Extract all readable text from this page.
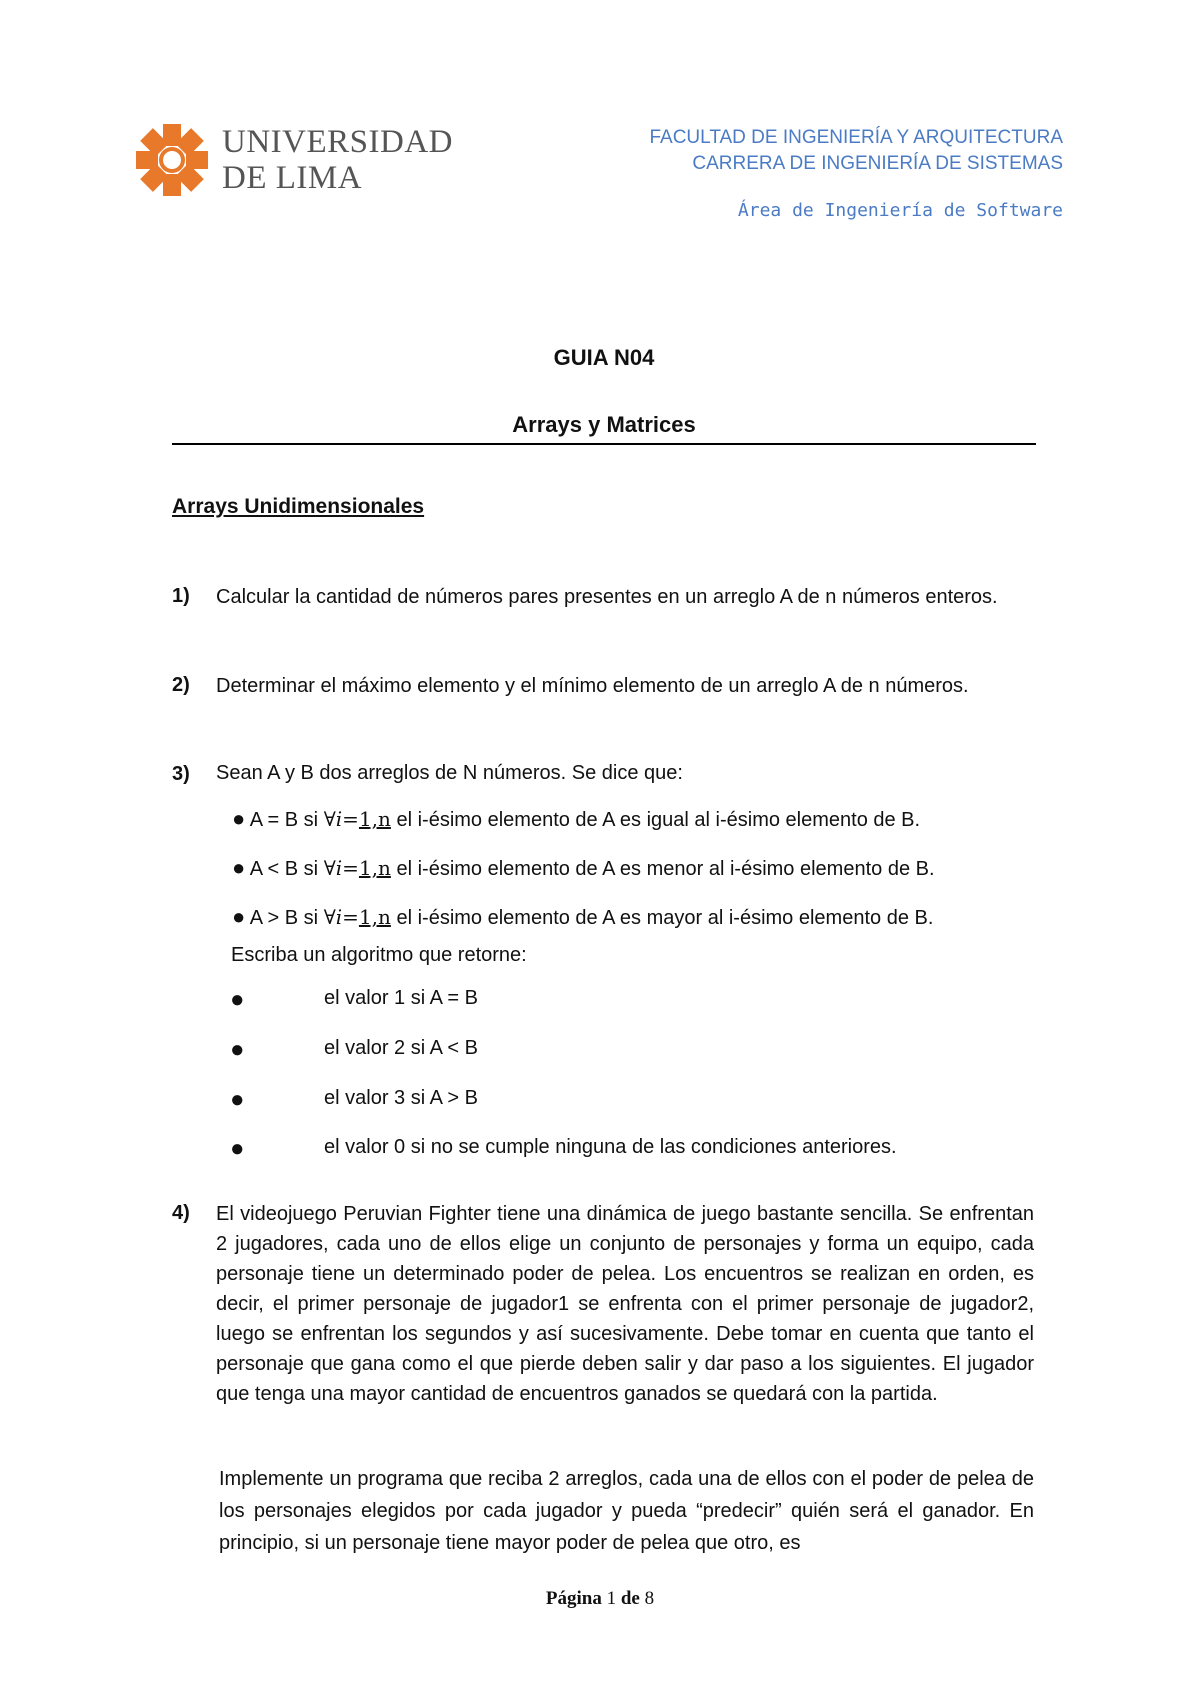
UNIVERSIDAD
DE LIMA
FACULTAD DE INGENIERÍA Y ARQUITECTURA
CARRERA DE INGENIERÍA DE SISTEMAS
Área de Ingeniería de Software
GUIA N04
Arrays y Matrices
Arrays Unidimensionales
1) Calcular la cantidad de números pares presentes en un arreglo A de n números enteros.
2) Determinar el máximo elemento y el mínimo elemento de un arreglo A de n números.
3) Sean A y B dos arreglos de N números. Se dice que:
● A = B si ∀i=1,n el i-ésimo elemento de A es igual al i-ésimo elemento de B.
● A < B si ∀i=1,n el i-ésimo elemento de A es menor al i-ésimo elemento de B.
● A > B si ∀i=1,n el i-ésimo elemento de A es mayor al i-ésimo elemento de B.
Escriba un algoritmo que retorne:
●	el valor 1 si A = B
●	el valor 2 si A < B
●	el valor 3 si A > B
●	el valor 0 si no se cumple ninguna de las condiciones anteriores.
4) El videojuego Peruvian Fighter tiene una dinámica de juego bastante sencilla. Se enfrentan 2 jugadores, cada uno de ellos elige un conjunto de personajes y forma un equipo, cada personaje tiene un determinado poder de pelea. Los encuentros se realizan en orden, es decir, el primer personaje de jugador1 se enfrenta con el primer personaje de jugador2, luego se enfrentan los segundos y así sucesivamente. Debe tomar en cuenta que tanto el personaje que gana como el que pierde deben salir y dar paso a los siguientes. El jugador que tenga una mayor cantidad de encuentros ganados se quedará con la partida.
Implemente un programa que reciba 2 arreglos, cada una de ellos con el poder de pelea de los personajes elegidos por cada jugador y pueda “predecir” quién será el ganador. En principio, si un personaje tiene mayor poder de pelea que otro, es
Página 1 de 8
